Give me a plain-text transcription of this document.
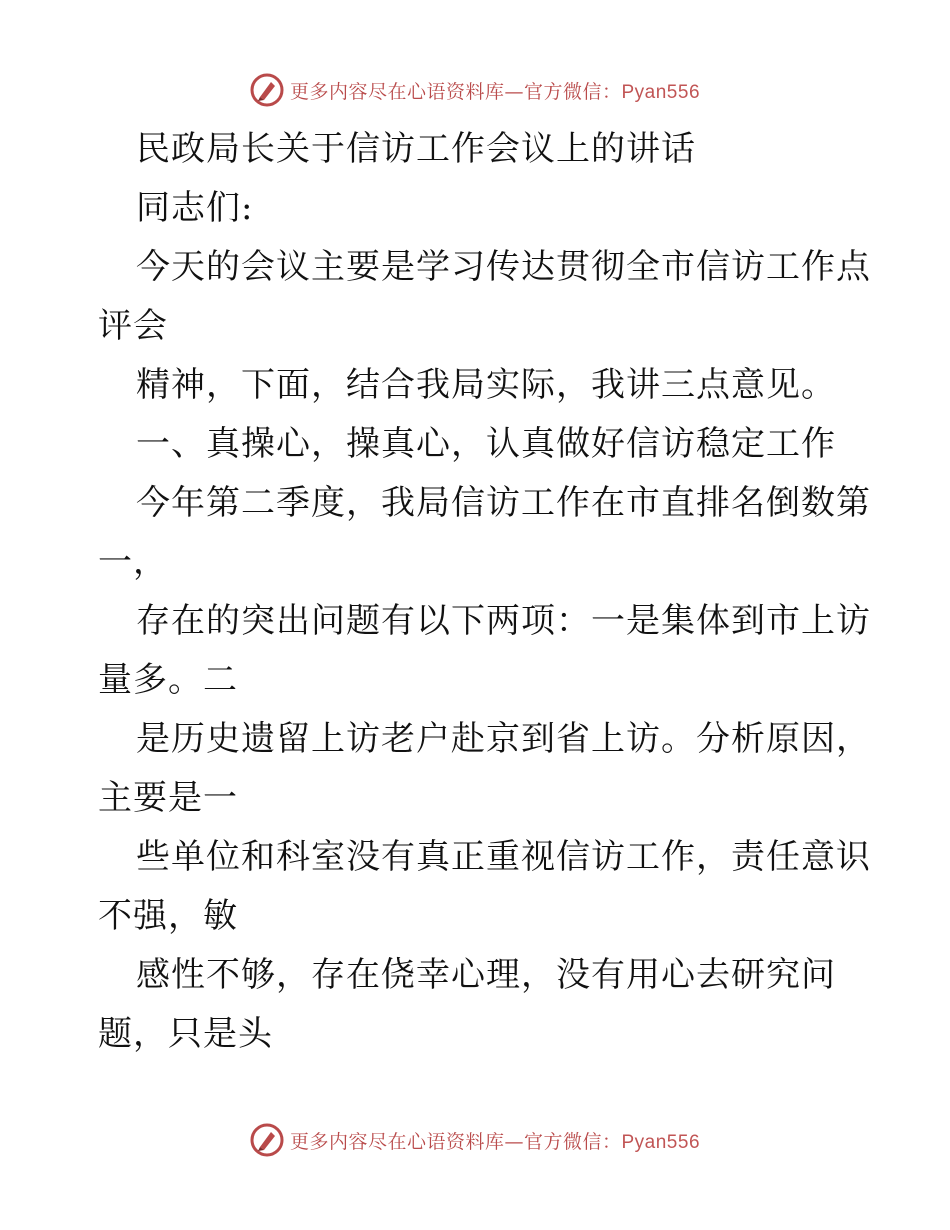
更多内容尽在心语资料库—官方微信：Pyan556
民政局长关于信访工作会议上的讲话
同志们:
今天的会议主要是学习传达贯彻全市信访工作点
评会
精神，下面，结合我局实际，我讲三点意见。
一、真操心，操真心，认真做好信访稳定工作
今年第二季度，我局信访工作在市直排名倒数第
一，
存在的突出问题有以下两项：一是集体到市上访
量多。二
是历史遗留上访老户赴京到省上访。分析原因，
主要是一
些单位和科室没有真正重视信访工作，责任意识
不强，敏
感性不够，存在侥幸心理，没有用心去研究问
题，只是头
更多内容尽在心语资料库—官方微信：Pyan556
